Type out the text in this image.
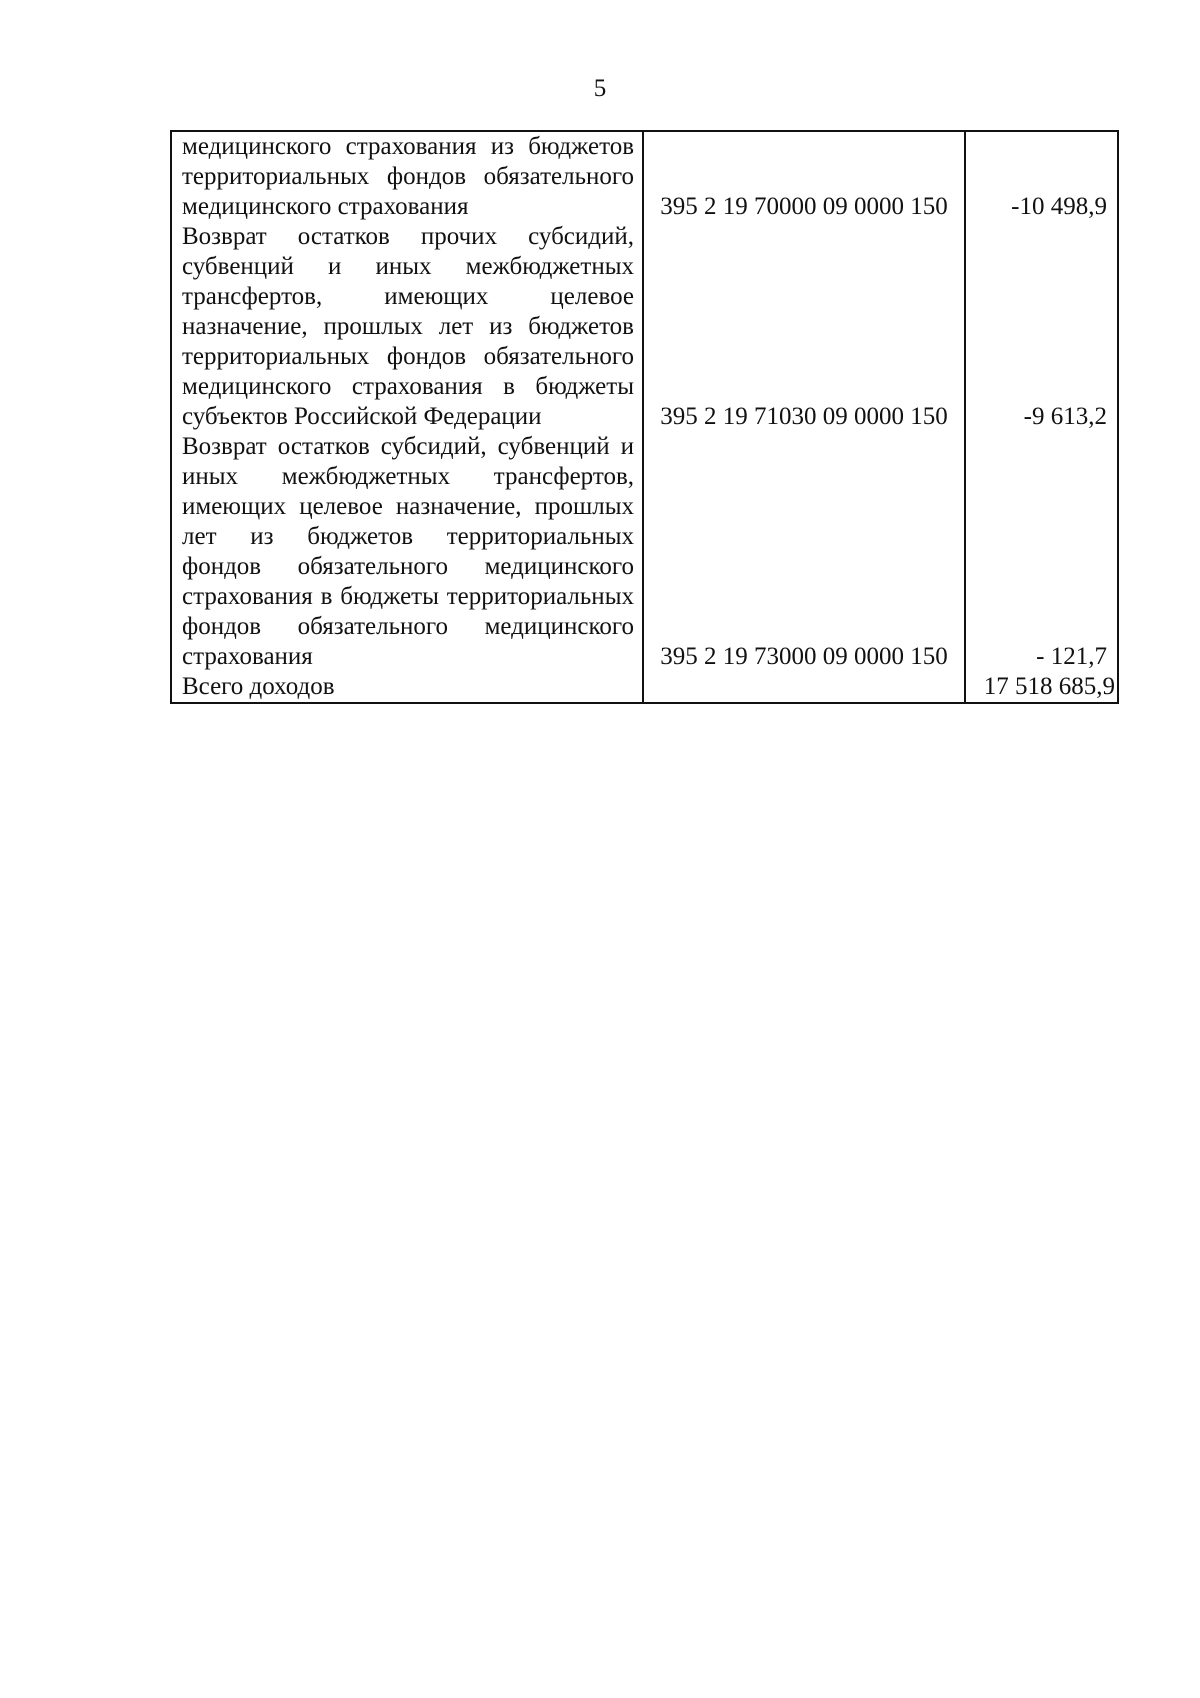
5
медицинского страхования из бюджетов территориальных фондов обязательного медицинского страхования	395 2 19 70000 09 0000 150	-10 498,9
Возврат остатков прочих субсидий, субвенций и иных межбюджетных трансфертов, имеющих целевое назначение, прошлых лет из бюджетов территориальных фондов обязательного медицинского страхования в бюджеты субъектов Российской Федерации	395 2 19 71030 09 0000 150	-9 613,2
Возврат остатков субсидий, субвенций и иных межбюджетных трансфертов, имеющих целевое назначение, прошлых лет из бюджетов территориальных фондов обязательного медицинского страхования в бюджеты территориальных фондов обязательного медицинского страхования	395 2 19 73000 09 0000 150	- 121,7
Всего доходов		17 518 685,9
